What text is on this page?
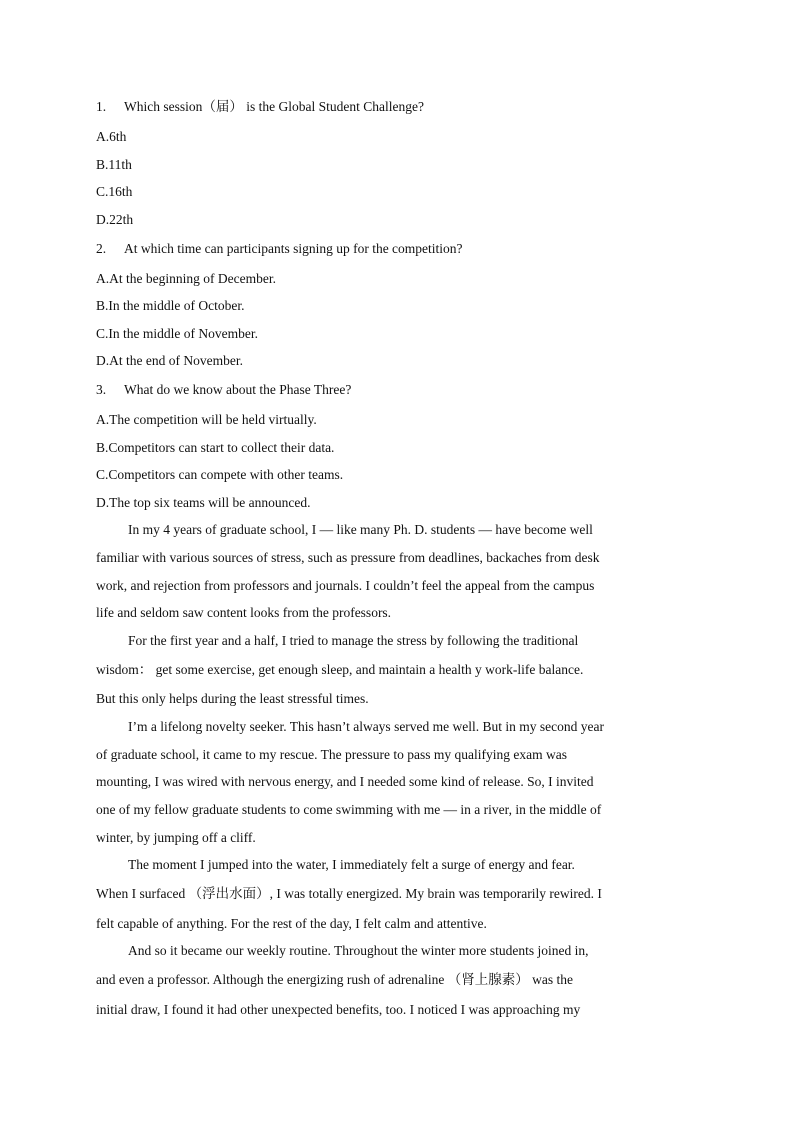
1. Which session（届） is the Global Student Challenge?
A.6th
B.11th
C.16th
D.22th
2. At which time can participants signing up for the competition?
A.At the beginning of December.
B.In the middle of October.
C.In the middle of November.
D.At the end of November.
3. What do we know about the Phase Three?
A.The competition will be held virtually.
B.Competitors can start to collect their data.
C.Competitors can compete with other teams.
D.The top six teams will be announced.
In my 4 years of graduate school, I — like many Ph. D. students — have become well
familiar with various sources of stress, such as pressure from deadlines, backaches from desk
work, and rejection from professors and journals. I couldn’t feel the appeal from the campus
life and seldom saw content looks from the professors.
For the first year and a half, I tried to manage the stress by following the traditional
wisdom： get some exercise, get enough sleep, and maintain a health y work-life balance.
But this only helps during the least stressful times.
I’m a lifelong novelty seeker. This hasn’t always served me well. But in my second year
of graduate school, it came to my rescue. The pressure to pass my qualifying exam was
mounting, I was wired with nervous energy, and I needed some kind of release. So, I invited
one of my fellow graduate students to come swimming with me — in a river, in the middle of
winter, by jumping off a cliff.
The moment I jumped into the water, I immediately felt a surge of energy and fear.
When I surfaced （浮出水面）, I was totally energized. My brain was temporarily rewired. I
felt capable of anything. For the rest of the day, I felt calm and attentive.
And so it became our weekly routine. Throughout the winter more students joined in,
and even a professor. Although the energizing rush of adrenaline （肾上腺素） was the
initial draw, I found it had other unexpected benefits, too. I noticed I was approaching my
